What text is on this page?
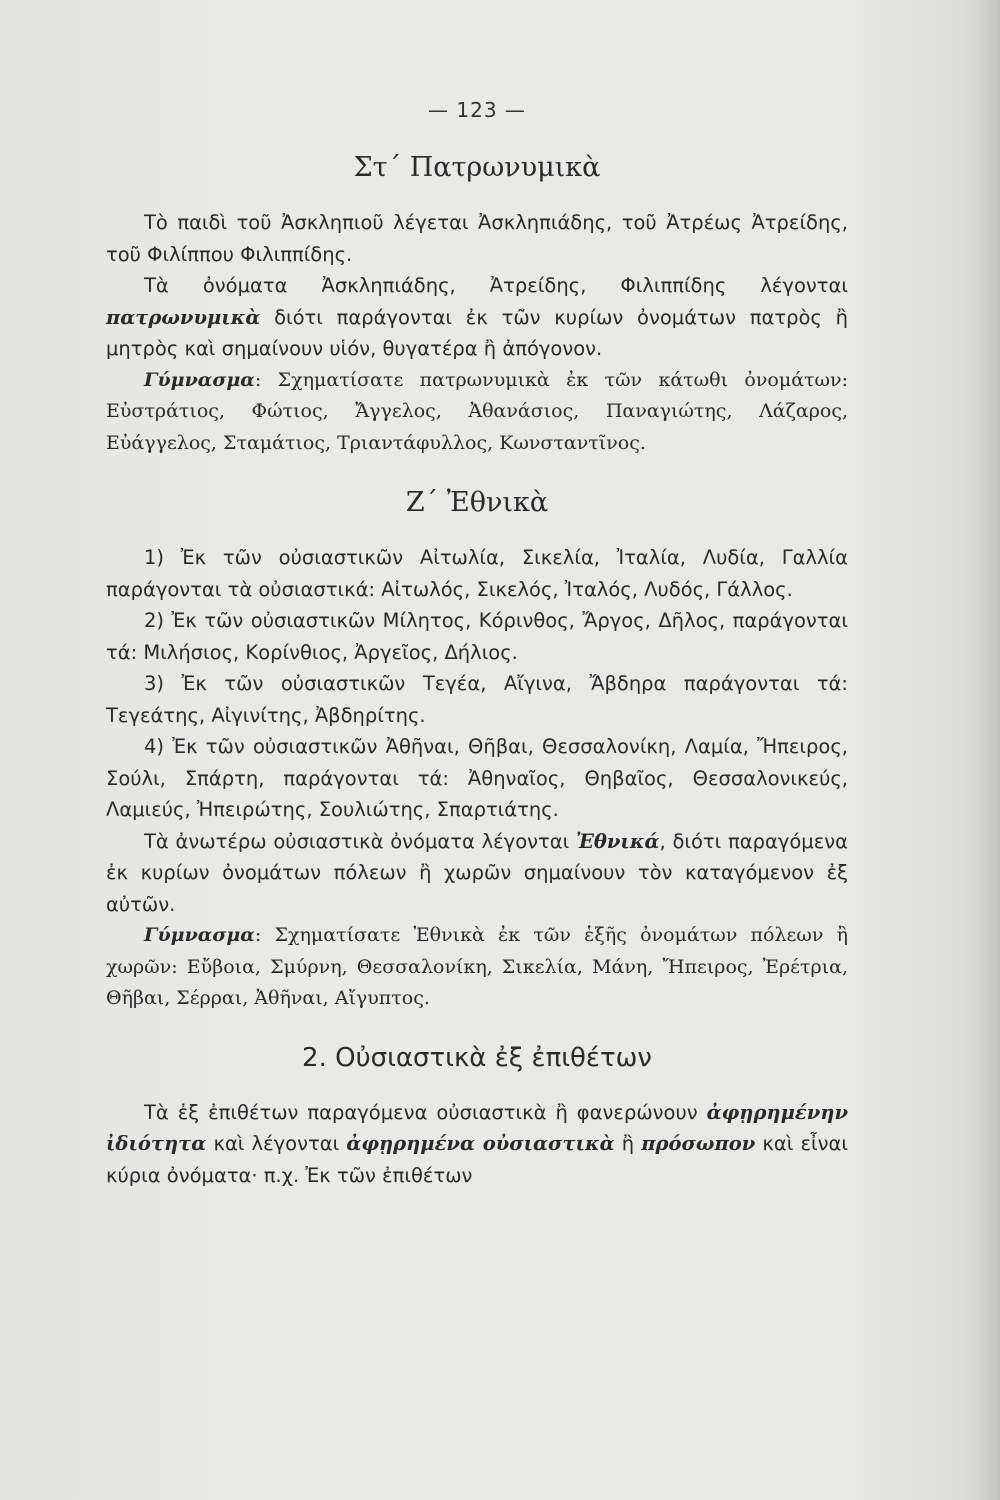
— 123 —
Στ΄ Πατρωνυμικὰ

Τὸ παιδὶ τοῦ Ἀσκληπιοῦ λέγεται Ἀσκληπιάδης, τοῦ Ἀτρέως Ἀτρείδης, τοῦ Φιλίππου Φιλιππίδης.

Τὰ ὀνόματα Ἀσκληπιάδης, Ἀτρείδης, Φιλιππίδης λέγονται πατρωνυμικὰ διότι παράγονται ἐκ τῶν κυρίων ὀνομάτων πατρὸς ἢ μητρὸς καὶ σημαίνουν υἱόν, θυγατέρα ἢ ἀπόγονον.

Γύμνασμα: Σχηματίσατε πατρωνυμικὰ ἐκ τῶν κάτωθι ὀνομάτων: Εὐστράτιος, Φώτιος, Ἄγγελος, Ἀθανάσιος, Παναγιώτης, Λάζαρος, Εὐάγγελος, Σταμάτιος, Τριαντάφυλλος, Κωνσταντῖνος.

Ζ΄ Ἐθνικὰ

1) Ἐκ τῶν οὐσιαστικῶν Αἰτωλία, Σικελία, Ἰταλία, Λυδία, Γαλλία παράγονται τὰ οὐσιαστικά: Αἰτωλός, Σικελός, Ἰταλός, Λυδός, Γάλλος.

2) Ἐκ τῶν οὐσιαστικῶν Μίλητος, Κόρινθος, Ἄργος, Δῆλος, παράγονται τά: Μιλήσιος, Κορίνθιος, Ἀργεῖος, Δήλιος.

3) Ἐκ τῶν οὐσιαστικῶν Τεγέα, Αἴγινα, Ἄβδηρα παράγονται τά: Τεγεάτης, Αἰγινίτης, Ἀβδηρίτης.

4) Ἐκ τῶν οὐσιαστικῶν Ἀθῆναι, Θῆβαι, Θεσσαλονίκη, Λαμία, Ἤπειρος, Σούλι, Σπάρτη, παράγονται τά: Ἀθηναῖος, Θηβαῖος, Θεσσαλονικεύς, Λαμιεύς, Ἠπειρώτης, Σουλιώτης, Σπαρτιάτης.

Τὰ ἀνωτέρω οὐσιαστικὰ ὀνόματα λέγονται Ἐθνικά, διότι παραγόμενα ἐκ κυρίων ὀνομάτων πόλεων ἢ χωρῶν σημαίνουν τὸν καταγόμενον ἐξ αὐτῶν.

Γύμνασμα: Σχηματίσατε Ἐθνικὰ ἐκ τῶν ἑξῆς ὀνομάτων πόλεων ἢ χωρῶν: Εὔβοια, Σμύρνη, Θεσσαλονίκη, Σικελία, Μάνη, Ἤπειρος, Ἐρέτρια, Θῆβαι, Σέρραι, Ἀθῆναι, Αἴγυπτος.

2. Οὐσιαστικὰ ἐξ ἐπιθέτων

Τὰ ἐξ ἐπιθέτων παραγόμενα οὐσιαστικὰ ἢ φανερώνουν ἀφῃρημένην ἰδιότητα καὶ λέγονται ἀφῃρημένα οὐσιαστικὰ ἢ πρόσωπον καὶ εἶναι κύρια ὀνόματα· π.χ. Ἐκ τῶν ἐπιθέτων
